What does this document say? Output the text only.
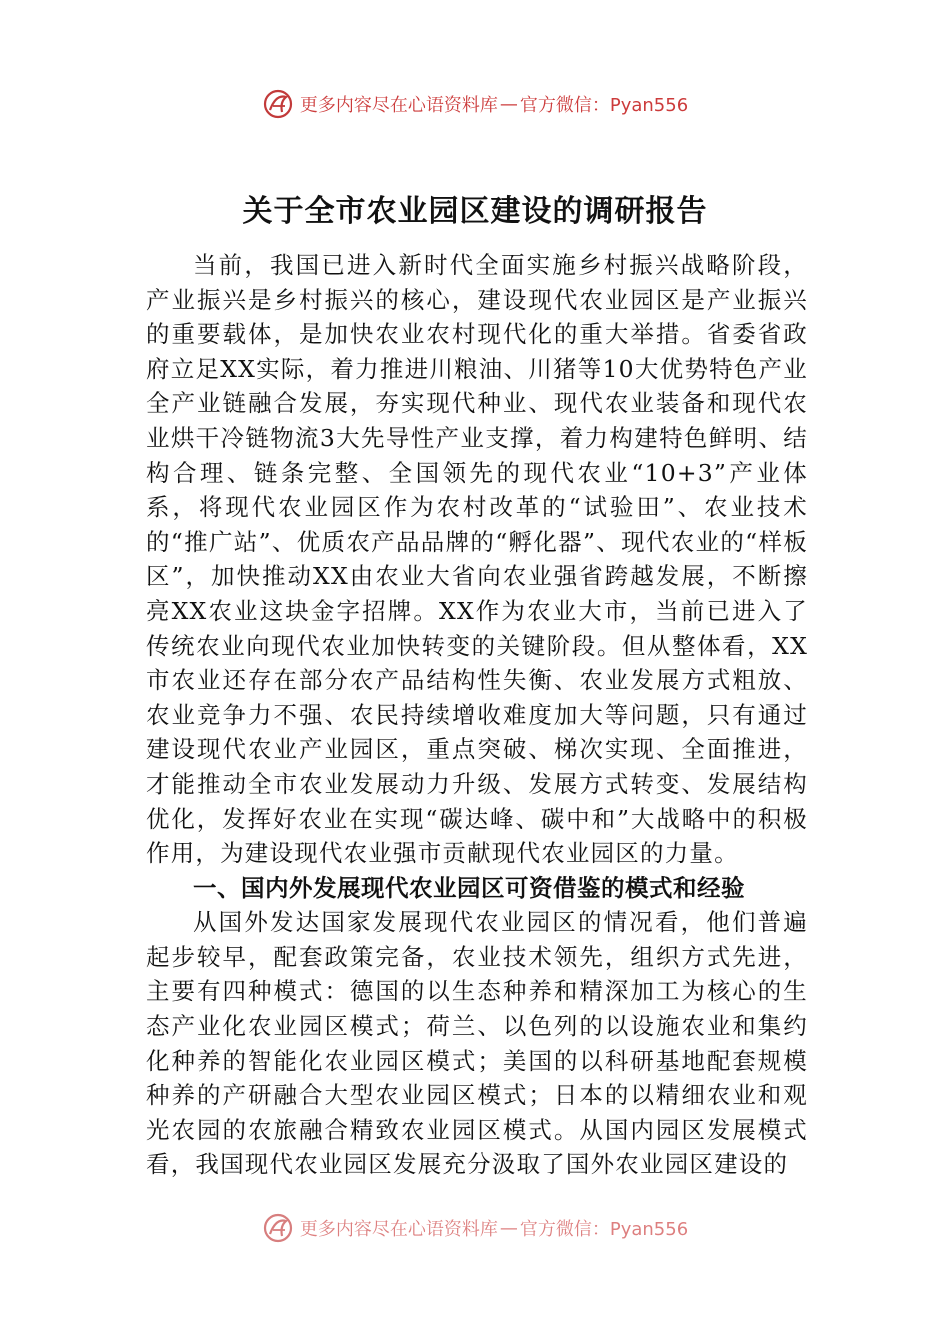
更多内容尽在心语资料库 — 官方微信：Pyan556
关于全市农业园区建设的调研报告

当前，我国已进入新时代全面实施乡村振兴战略阶段，产业振兴是乡村振兴的核心，建设现代农业园区是产业振兴的重要载体，是加快农业农村现代化的重大举措。省委省政府立足XX实际，着力推进川粮油、川猪等10大优势特色产业全产业链融合发展，夯实现代种业、现代农业装备和现代农业烘干冷链物流3大先导性产业支撑，着力构建特色鲜明、结构合理、链条完整、全国领先的现代农业“10+3”产业体系，将现代农业园区作为农村改革的“试验田”、农业技术的“推广站”、优质农产品品牌的“孵化器”、现代农业的“样板区”，加快推动XX由农业大省向农业强省跨越发展，不断擦亮XX农业这块金字招牌。XX作为农业大市，当前已进入了传统农业向现代农业加快转变的关键阶段。但从整体看，XX市农业还存在部分农产品结构性失衡、农业发展方式粗放、农业竞争力不强、农民持续增收难度加大等问题，只有通过建设现代农业产业园区，重点突破、梯次实现、全面推进，才能推动全市农业发展动力升级、发展方式转变、发展结构优化，发挥好农业在实现“碳达峰、碳中和”大战略中的积极作用，为建设现代农业强市贡献现代农业园区的力量。

一、国内外发展现代农业园区可资借鉴的模式和经验

从国外发达国家发展现代农业园区的情况看，他们普遍起步较早，配套政策完备，农业技术领先，组织方式先进，主要有四种模式：德国的以生态种养和精深加工为核心的生态产业化农业园区模式；荷兰、以色列的以设施农业和集约化种养的智能化农业园区模式；美国的以科研基地配套规模种养的产研融合大型农业园区模式；日本的以精细农业和观光农园的农旅融合精致农业园区模式。从国内园区发展模式看，我国现代农业园区发展充分汲取了国外农业园区建设的

更多内容尽在心语资料库 — 官方微信：Pyan556
